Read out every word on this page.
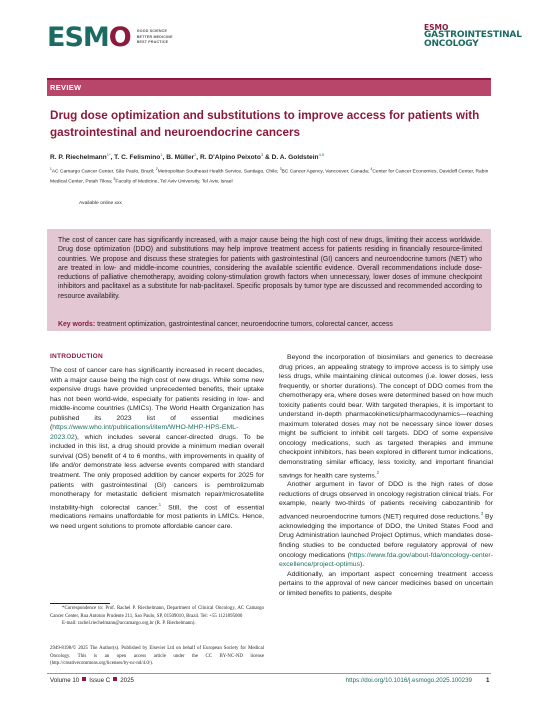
ESM O GOOD SCIENCE
BETTER MEDICINE
BEST PRACTICE
ESMO
GASTROINTESTINAL
ONCOLOGY
REVIEW
Drug dose optimization and substitutions to improve access for patients with gastrointestinal and neuroendocrine cancers
R. P. Riechelmann$^{1*}$, T. C. Felismino$^1$, B. Müller$^2$, R. D'Alpino Peixoto$^3$ & D. A. Goldstein$^{4,5}$
$^1$AC Camargo Cancer Center, São Paulo, Brazil; $^2$Metropolitan Southeast Health Service, Santiago, Chile; $^3$BC Cancer Agency, Vancouver, Canada; $^4$Center for Cancer Economics, Davidoff Center, Rabin Medical Center, Petah Tikva; $^5$Faculty of Medicine, Tel Aviv University, Tel Aviv, Israel
Available online xxx

The cost of cancer care has significantly increased, with a major cause being the high cost of new drugs, limiting their access worldwide. Drug dose optimization (DDO) and substitutions may help improve treatment access for patients residing in financially resource-limited countries. We propose and discuss these strategies for patients with gastrointestinal (GI) cancers and neuroendocrine tumors (NET) who are treated in low- and middle-income countries, considering the available scientific evidence. Overall recommendations include dose-reductions of palliative chemotherapy, avoiding colony-stimulation growth factors when unnecessary, lower doses of immune checkpoint inhibitors and paclitaxel as a substitute for nab-paclitaxel. Specific proposals by tumor type are discussed and recommended according to resource availability.

Key words: treatment optimization, gastrointestinal cancer, neuroendocrine tumors, colorectal cancer, access

INTRODUCTION

The cost of cancer care has significantly increased in recent decades, with a major cause being the high cost of new drugs. While some new expensive drugs have provided unprecedented benefits, their uptake has not been world-wide, especially for patients residing in low- and middle-income countries (LMICs). The World Health Organization has published its 2023 list of essential medicines (https://www.who.int/publications/i/item/WHO-MHP-HPS-EML-2023.02), which includes several cancer-directed drugs. To be included in this list, a drug should provide a minimum median overall survival (OS) benefit of 4 to 6 months, with improvements in quality of life and/or demonstrate less adverse events compared with standard treatment. The only proposed addition by cancer experts for 2025 for patients with gastrointestinal (GI) cancers is pembrolizumab monotherapy for metastatic deficient mismatch repair/microsatellite instability-high colorectal cancer.$^1$ Still, the cost of essential medications remains unaffordable for most patients in LMICs. Hence, we need urgent solutions to promote affordable cancer care.

Beyond the incorporation of biosimilars and generics to decrease drug prices, an appealing strategy to improve access is to simply use less drugs, while maintaining clinical outcomes (i.e. lower doses, less frequently, or shorter durations). The concept of DDO comes from the chemotherapy era, where doses were determined based on how much toxicity patients could bear. With targeted therapies, it is important to understand in-depth pharmacokinetics/pharmacodynamics—reaching maximum tolerated doses may not be necessary since lower doses might be sufficient to inhibit cell targets. DDO of some expensive oncology medications, such as targeted therapies and immune checkpoint inhibitors, has been explored in different tumor indications, demonstrating similar efficacy, less toxicity, and important financial savings for health care systems.$^2$

Another argument in favor of DDO is the high rates of dose reductions of drugs observed in oncology registration clinical trials. For example, nearly two-thirds of patients receiving cabozantinib for advanced neuroendocrine tumors (NET) required dose reductions.$^3$ By acknowledging the importance of DDO, the United States Food and Drug Administration launched Project Optimus, which mandates dose-finding studies to be conducted before regulatory approval of new oncology medications (https://www.fda.gov/about-fda/oncology-center-excellence/project-optimus).

Additionally, an important aspect concerning treatment access pertains to the approval of new cancer medicines based on uncertain or limited benefits to patients, despite

*Correspondence to: Prof. Rachel P. Riechelmann, Department of Clinical Oncology, AC Camargo Cancer Center, Rua Antonio Prudente 211, Sao Paulo, SP, 01509010, Brazil. Tel: +55 1121895000

E-mail: rachel.riechelmann@accamargo.org.br (R. P. Riechelmann).

2949-8198/© 2025 The Author(s). Published by Elsevier Ltd on behalf of European Society for Medical Oncology. This is an open access article under the CC BY-NC-ND license (http://creativecommons.org/licenses/by-nc-nd/4.0/).

Volume 10 Issue C 2025	https://doi.org/10.1016/j.esmogo.2025.100239 1
